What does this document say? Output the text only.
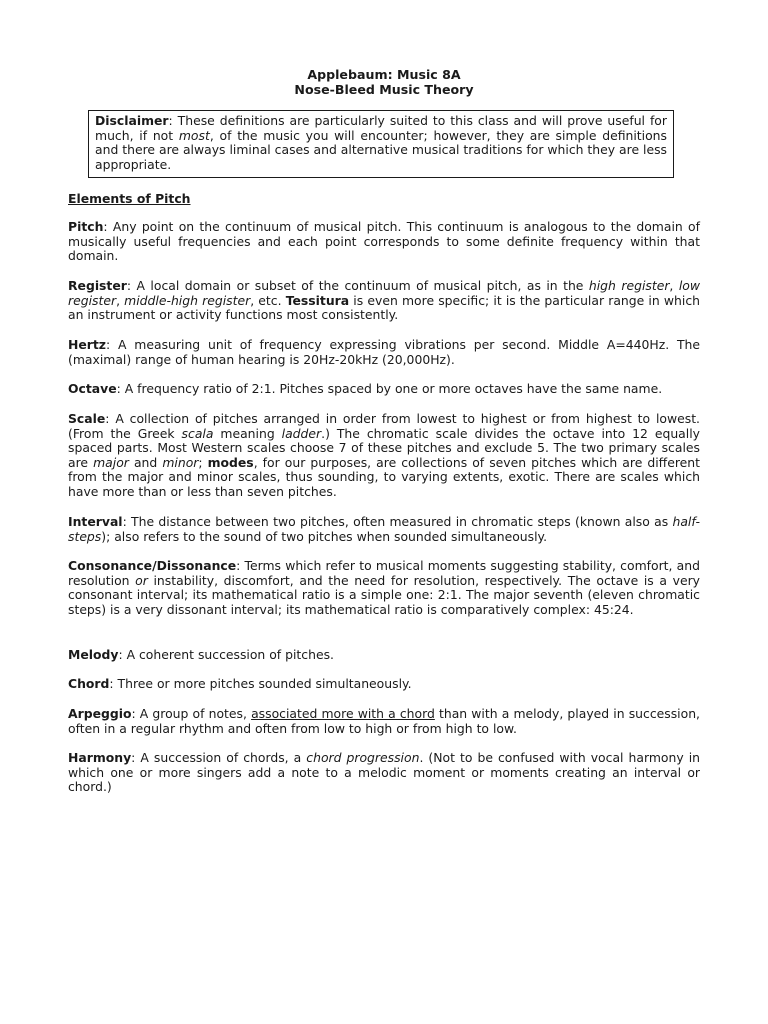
Applebaum: Music 8A
Nose-Bleed Music Theory
Disclaimer: These definitions are particularly suited to this class and will prove useful for much, if not most, of the music you will encounter; however, they are simple definitions and there are always liminal cases and alternative musical traditions for which they are less appropriate.
Elements of Pitch
Pitch: Any point on the continuum of musical pitch. This continuum is analogous to the domain of musically useful frequencies and each point corresponds to some definite frequency within that domain.
Register: A local domain or subset of the continuum of musical pitch, as in the high register, low register, middle-high register, etc. Tessitura is even more specific; it is the particular range in which an instrument or activity functions most consistently.
Hertz: A measuring unit of frequency expressing vibrations per second. Middle A=440Hz. The (maximal) range of human hearing is 20Hz-20kHz (20,000Hz).
Octave: A frequency ratio of 2:1. Pitches spaced by one or more octaves have the same name.
Scale: A collection of pitches arranged in order from lowest to highest or from highest to lowest. (From the Greek scala meaning ladder.) The chromatic scale divides the octave into 12 equally spaced parts. Most Western scales choose 7 of these pitches and exclude 5. The two primary scales are major and minor; modes, for our purposes, are collections of seven pitches which are different from the major and minor scales, thus sounding, to varying extents, exotic. There are scales which have more than or less than seven pitches.
Interval: The distance between two pitches, often measured in chromatic steps (known also as half-steps); also refers to the sound of two pitches when sounded simultaneously.
Consonance/Dissonance: Terms which refer to musical moments suggesting stability, comfort, and resolution or instability, discomfort, and the need for resolution, respectively. The octave is a very consonant interval; its mathematical ratio is a simple one: 2:1. The major seventh (eleven chromatic steps) is a very dissonant interval; its mathematical ratio is comparatively complex: 45:24.
Melody: A coherent succession of pitches.
Chord: Three or more pitches sounded simultaneously.
Arpeggio: A group of notes, associated more with a chord than with a melody, played in succession, often in a regular rhythm and often from low to high or from high to low.
Harmony: A succession of chords, a chord progression. (Not to be confused with vocal harmony in which one or more singers add a note to a melodic moment or moments creating an interval or chord.)
